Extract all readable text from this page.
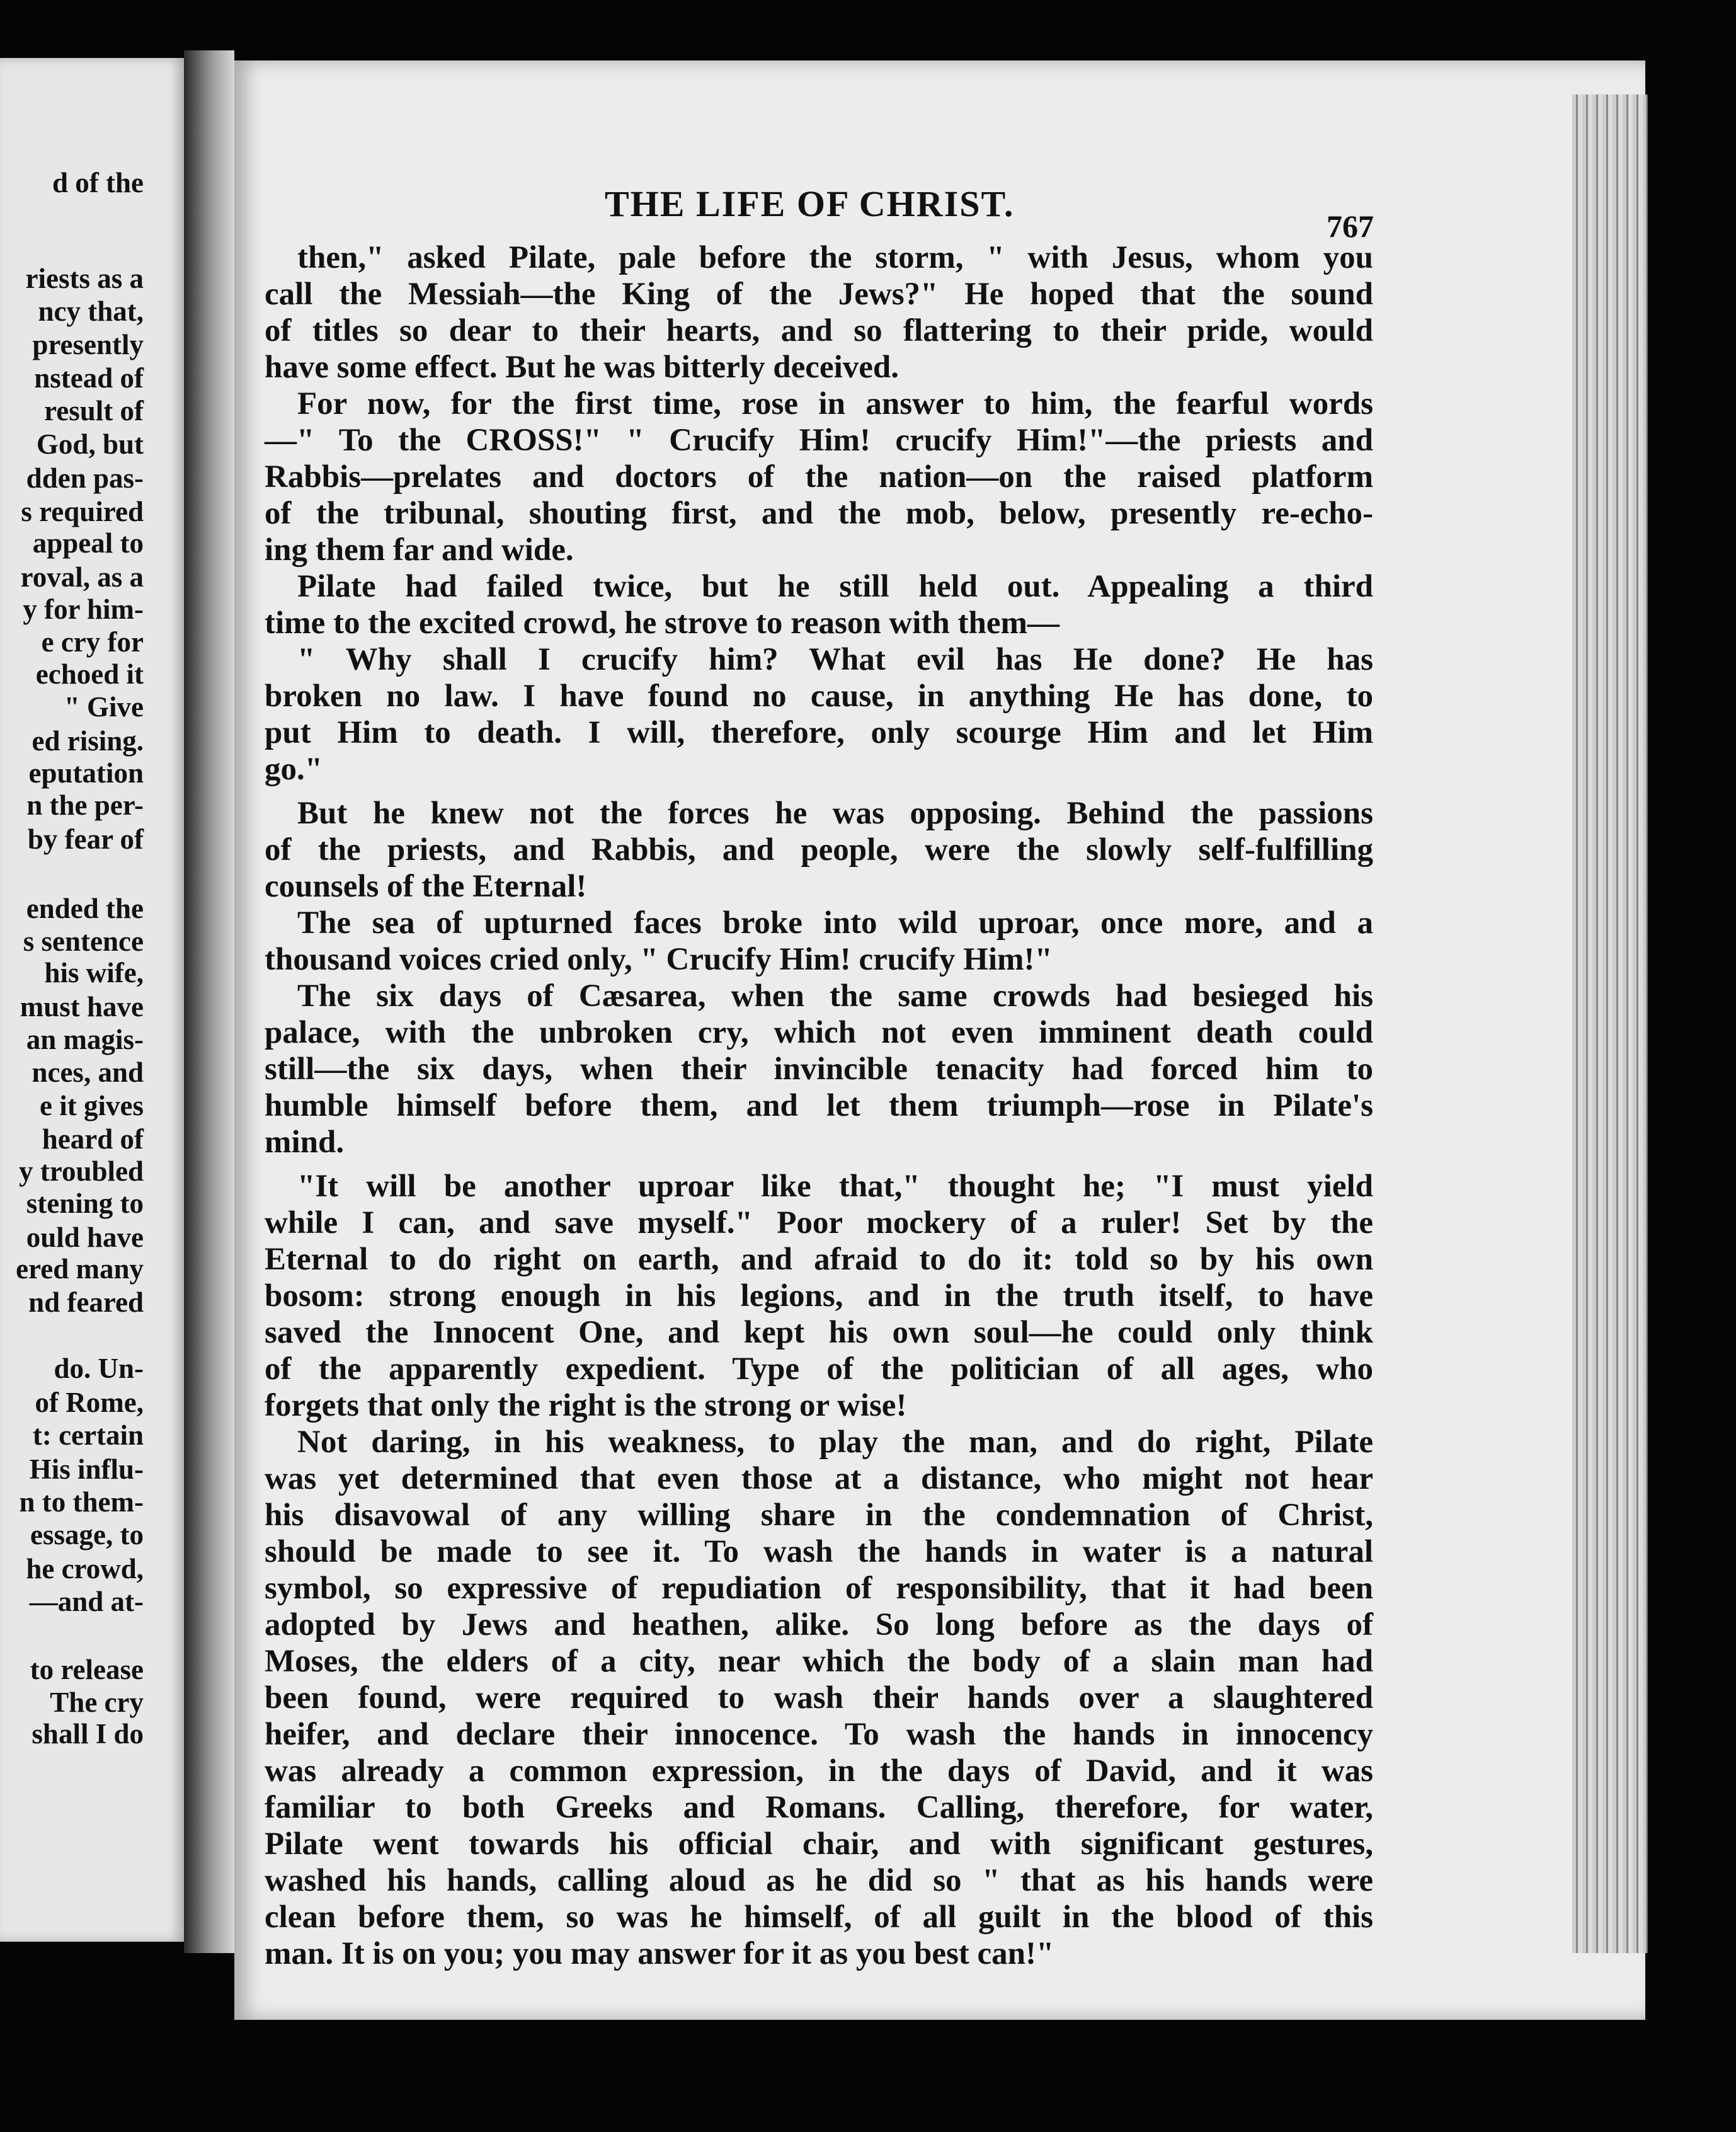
d of the
riests as a
ncy that,
presently
nstead of
result of
God, but
dden pas-
s required
appeal to
roval, as a
y for him-
e cry for
echoed it
" Give
ed rising.
eputation
n the per-
by fear of
ended the
s sentence
his wife,
must have
an magis-
nces, and
e it gives
heard of
y troubled
stening to
ould have
ered many
nd feared
do. Un-
of Rome,
t: certain
His influ-
n to them-
essage, to
he crowd,
—and at-
to release
The cry
shall I do
THE LIFE OF CHRIST.
767
then," asked Pilate, pale before the storm, " with Jesus, whom you
call the Messiah—the King of the Jews?" He hoped that the sound
of titles so dear to their hearts, and so flattering to their pride, would
have some effect. But he was bitterly deceived.
For now, for the first time, rose in answer to him, the fearful words
—" To the CROSS!" " Crucify Him! crucify Him!"—the priests and
Rabbis—prelates and doctors of the nation—on the raised platform
of the tribunal, shouting first, and the mob, below, presently re-echo-
ing them far and wide.
Pilate had failed twice, but he still held out. Appealing a third
time to the excited crowd, he strove to reason with them—
" Why shall I crucify him? What evil has He done? He has
broken no law. I have found no cause, in anything He has done, to
put Him to death. I will, therefore, only scourge Him and let Him
go."
But he knew not the forces he was opposing. Behind the passions
of the priests, and Rabbis, and people, were the slowly self-fulfilling
counsels of the Eternal!
The sea of upturned faces broke into wild uproar, once more, and a
thousand voices cried only, " Crucify Him! crucify Him!"
The six days of Cæsarea, when the same crowds had besieged his
palace, with the unbroken cry, which not even imminent death could
still—the six days, when their invincible tenacity had forced him to
humble himself before them, and let them triumph—rose in Pilate's
mind.
"It will be another uproar like that," thought he; "I must yield
while I can, and save myself." Poor mockery of a ruler! Set by the
Eternal to do right on earth, and afraid to do it: told so by his own
bosom: strong enough in his legions, and in the truth itself, to have
saved the Innocent One, and kept his own soul—he could only think
of the apparently expedient. Type of the politician of all ages, who
forgets that only the right is the strong or wise!
Not daring, in his weakness, to play the man, and do right, Pilate
was yet determined that even those at a distance, who might not hear
his disavowal of any willing share in the condemnation of Christ,
should be made to see it. To wash the hands in water is a natural
symbol, so expressive of repudiation of responsibility, that it had been
adopted by Jews and heathen, alike. So long before as the days of
Moses, the elders of a city, near which the body of a slain man had
been found, were required to wash their hands over a slaughtered
heifer, and declare their innocence. To wash the hands in innocency
was already a common expression, in the days of David, and it was
familiar to both Greeks and Romans. Calling, therefore, for water,
Pilate went towards his official chair, and with significant gestures,
washed his hands, calling aloud as he did so " that as his hands were
clean before them, so was he himself, of all guilt in the blood of this
man. It is on you; you may answer for it as you best can!"
